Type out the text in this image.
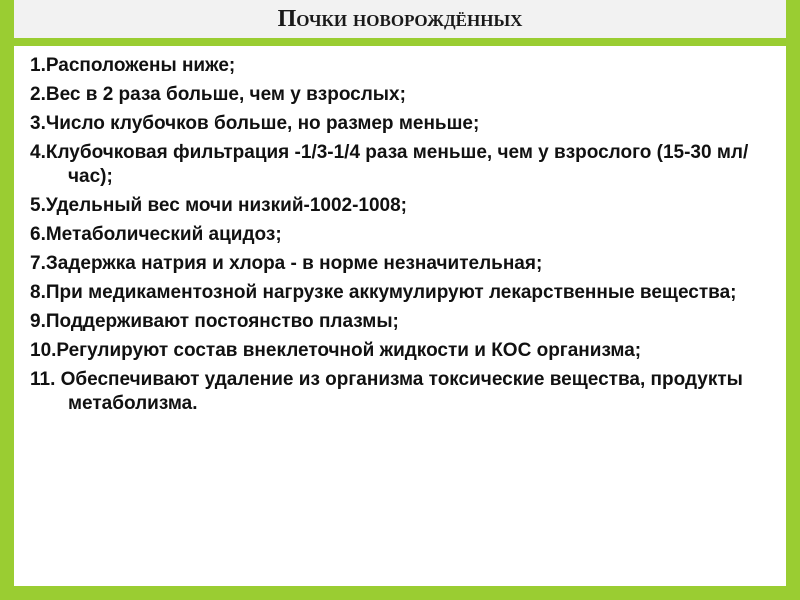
Почки новорождённых
1.Расположены ниже;
2.Вес в 2 раза больше, чем у взрослых;
3.Число клубочков больше, но размер меньше;
4.Клубочковая фильтрация -1/3-1/4 раза меньше, чем у взрослого (15-30 мл/час);
5.Удельный вес мочи низкий-1002-1008;
6.Метаболический ацидоз;
7.Задержка натрия и хлора - в норме незначительная;
8.При медикаментозной нагрузке аккумулируют лекарственные вещества;
9.Поддерживают постоянство плазмы;
10.Регулируют состав внеклеточной жидкости и КОС организма;
11. Обеспечивают удаление из организма токсические вещества, продукты метаболизма.
